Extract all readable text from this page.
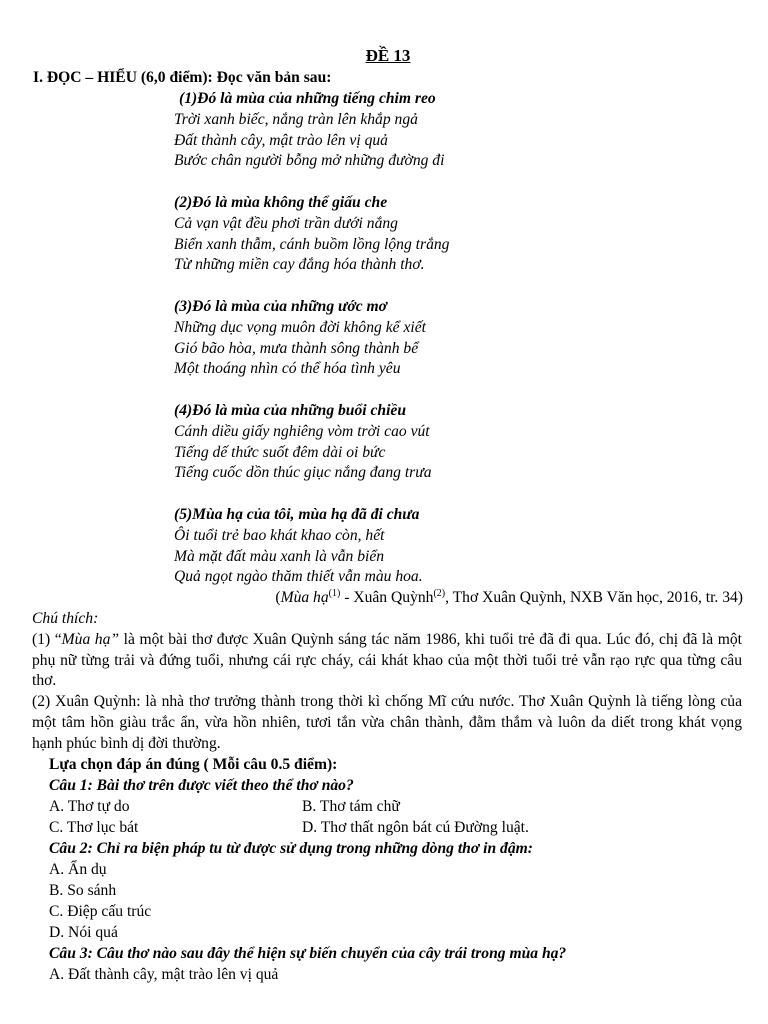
ĐỀ 13
I. ĐỌC – HIỂU (6,0 điểm): Đọc văn bản sau:
(1)Đó là mùa của những tiếng chim reo
Trời xanh biếc, nắng tràn lên khắp ngả
Đất thành cây, mật trào lên vị quả
Bước chân người bỗng mở những đường đi
(2)Đó là mùa không thể giấu che
Cả vạn vật đều phơi trần dưới nắng
Biển xanh thẫm, cánh buồm lồng lộng trắng
Từ những miền cay đắng hóa thành thơ.
(3)Đó là mùa của những ước mơ
Những dục vọng muôn đời không kể xiết
Gió bão hòa, mưa thành sông thành bể
Một thoáng nhìn có thể hóa tình yêu
(4)Đó là mùa của những buổi chiều
Cánh diều giấy nghiêng vòm trời cao vút
Tiếng dế thức suốt đêm dài oi bức
Tiếng cuốc dồn thúc giục nắng đang trưa
(5)Mùa hạ của tôi, mùa hạ đã đi chưa
Ôi tuổi trẻ bao khát khao còn, hết
Mà mặt đất màu xanh là vẫn biển
Quả ngọt ngào thăm thiết vẫn màu hoa.
(Mùa hạ$^{(1)}$ - Xuân Quỳnh$^{(2)}$, Thơ Xuân Quỳnh, NXB Văn học, 2016, tr. 34)
Chú thích:

(1) “Mùa hạ” là một bài thơ được Xuân Quỳnh sáng tác năm 1986, khi tuổi trẻ đã đi qua. Lúc đó, chị đã là một phụ nữ từng trải và đứng tuổi, nhưng cái rực cháy, cái khát khao của một thời tuổi trẻ vẫn rạo rực qua từng câu thơ.

(2) Xuân Quỳnh: là nhà thơ trưởng thành trong thời kì chống Mĩ cứu nước. Thơ Xuân Quỳnh là tiếng lòng của một tâm hồn giàu trắc ẩn, vừa hồn nhiên, tươi tắn vừa chân thành, đằm thắm và luôn da diết trong khát vọng hạnh phúc bình dị đời thường.

Lựa chọn đáp án đúng ( Mỗi câu 0.5 điểm):
Câu 1: Bài thơ trên được viết theo thể thơ nào?
A. Thơ tự do	B. Thơ tám chữ
C. Thơ lục bát	D. Thơ thất ngôn bát cú Đường luật.
Câu 2: Chỉ ra biện pháp tu từ được sử dụng trong những dòng thơ in đậm:
A. Ẩn dụ
B. So sánh
C. Điệp cấu trúc
D. Nói quá
Câu 3: Câu thơ nào sau đây thể hiện sự biến chuyển của cây trái trong mùa hạ?
A. Đất thành cây, mật trào lên vị quả
